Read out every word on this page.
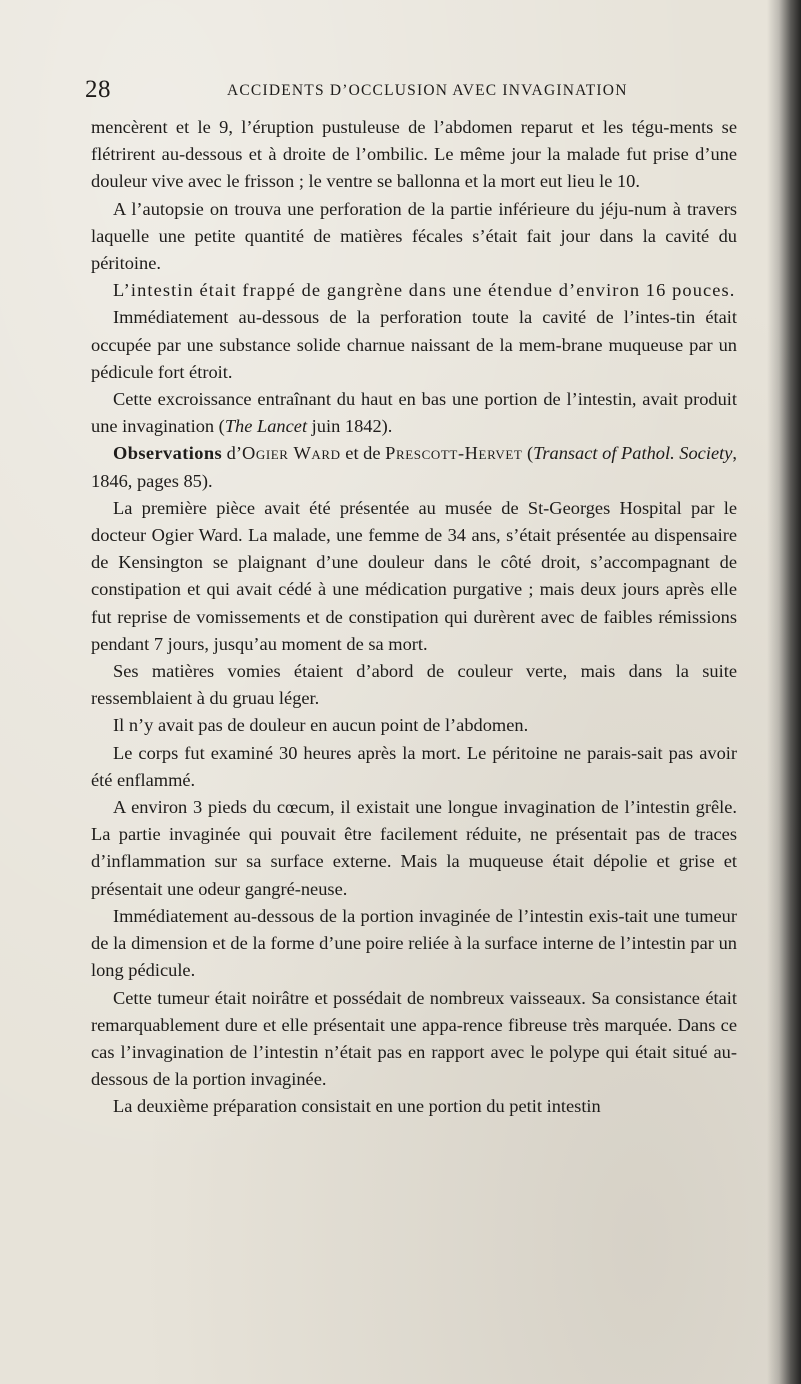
28	ACCIDENTS D’OCCLUSION AVEC INVAGINATION

mencèrent et le 9, l’éruption pustuleuse de l’abdomen reparut et les tégu-ments se flétrirent au-dessous et à droite de l’ombilic. Le même jour la malade fut prise d’une douleur vive avec le frisson ; le ventre se ballonna et la mort eut lieu le 10.

A l’autopsie on trouva une perforation de la partie inférieure du jéju-num à travers laquelle une petite quantité de matières fécales s’était fait jour dans la cavité du péritoine.

L’intestin était frappé de gangrène dans une étendue d’environ 16 pouces.

Immédiatement au-dessous de la perforation toute la cavité de l’intes-tin était occupée par une substance solide charnue naissant de la mem-brane muqueuse par un pédicule fort étroit.

Cette excroissance entraînant du haut en bas une portion de l’intestin, avait produit une invagination (The Lancet juin 1842).

Observations d’Ogier Ward et de Prescott-Hervet (Transact of Pathol. Society, 1846, pages 85).

La première pièce avait été présentée au musée de St-Georges Hospital par le docteur Ogier Ward. La malade, une femme de 34 ans, s’était présentée au dispensaire de Kensington se plaignant d’une douleur dans le côté droit, s’accompagnant de constipation et qui avait cédé à une médication purgative ; mais deux jours après elle fut reprise de vomissements et de constipation qui durèrent avec de faibles rémissions pendant 7 jours, jusqu’au moment de sa mort.

Ses matières vomies étaient d’abord de couleur verte, mais dans la suite ressemblaient à du gruau léger.

Il n’y avait pas de douleur en aucun point de l’abdomen.

Le corps fut examiné 30 heures après la mort. Le péritoine ne parais-sait pas avoir été enflammé.

A environ 3 pieds du cœcum, il existait une longue invagination de l’intestin grêle. La partie invaginée qui pouvait être facilement réduite, ne présentait pas de traces d’inflammation sur sa surface externe. Mais la muqueuse était dépolie et grise et présentait une odeur gangré-neuse.

Immédiatement au-dessous de la portion invaginée de l’intestin exis-tait une tumeur de la dimension et de la forme d’une poire reliée à la surface interne de l’intestin par un long pédicule.

Cette tumeur était noirâtre et possédait de nombreux vaisseaux. Sa consistance était remarquablement dure et elle présentait une appa-rence fibreuse très marquée. Dans ce cas l’invagination de l’intestin n’était pas en rapport avec le polype qui était situé au-dessous de la portion invaginée.

La deuxième préparation consistait en une portion du petit intestin
